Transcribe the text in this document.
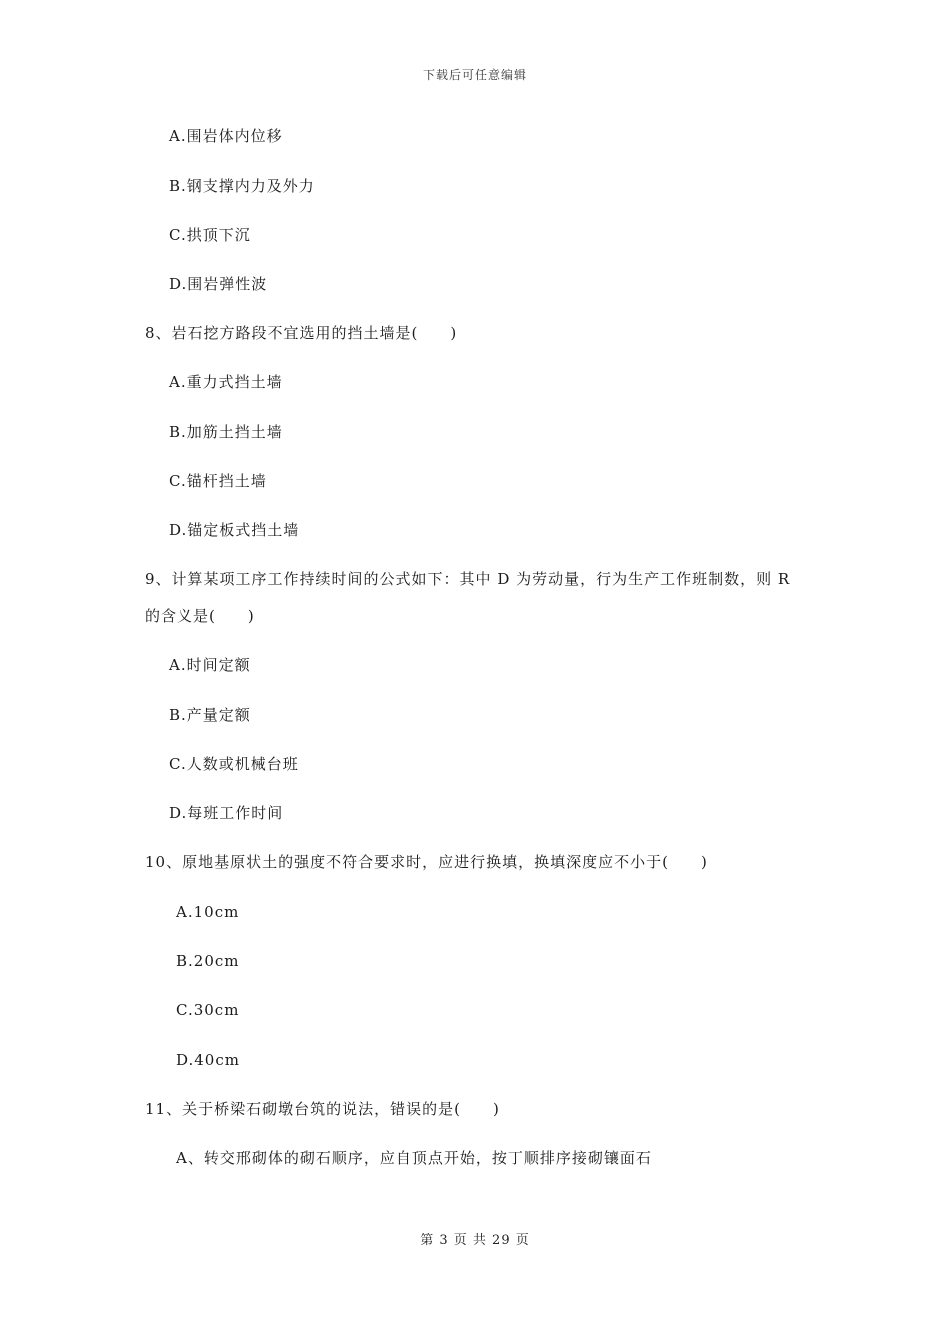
下载后可任意编辑
A.围岩体内位移
B.钢支撑内力及外力
C.拱顶下沉
D.围岩弹性波
8、岩石挖方路段不宜选用的挡土墙是(　　)
A.重力式挡土墙
B.加筋土挡土墙
C.锚杆挡土墙
D.锚定板式挡土墙
9、计算某项工序工作持续时间的公式如下：其中 D 为劳动量，行为生产工作班制数，则 R
的含义是(　　)
A.时间定额
B.产量定额
C.人数或机械台班
D.每班工作时间
10、原地基原状土的强度不符合要求时，应进行换填，换填深度应不小于(　　)
A.10cm
B.20cm
C.30cm
D.40cm
11、关于桥梁石砌墩台筑的说法，错误的是(　　)
A、转交邢砌体的砌石顺序，应自顶点开始，按丁顺排序接砌镶面石
第 3 页 共 29 页
